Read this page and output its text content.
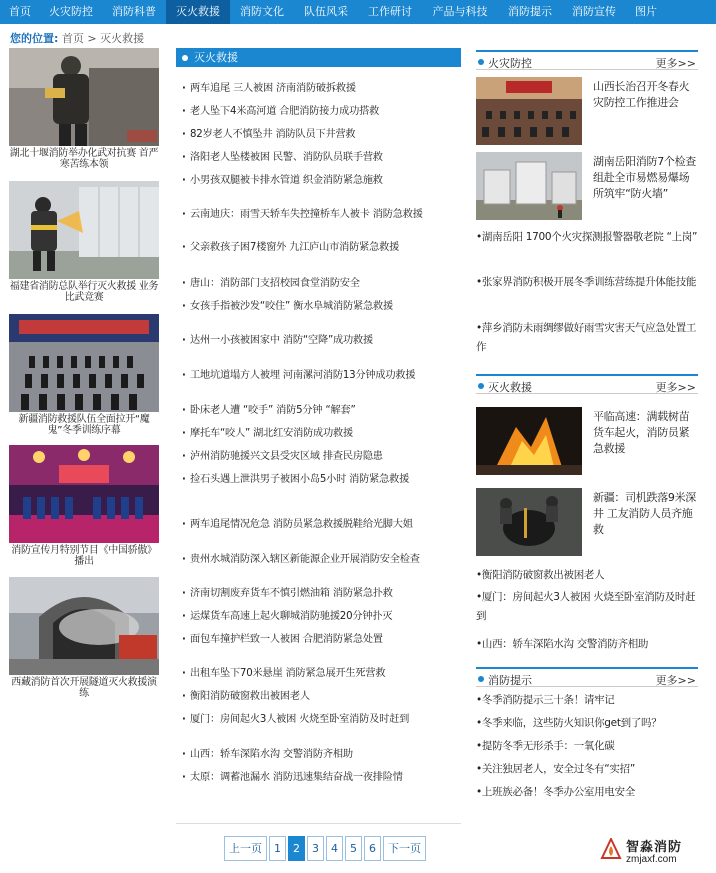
首页	火灾防控	消防科普	灭火救援	消防文化	队伍风采	工作研讨	产品与科技	消防提示	消防宣传	图片
您的位置: 首页 > 灭火救援
湖北十堰消防举办化武对抗赛 首严寒苦练本领
福建省消防总队举行灭火救援 业务比武竞赛
新疆消防救援队伍全面拉开“魔鬼”冬季训练序幕
消防宣传月特别节目《中国骄傲》播出
西藏消防首次开展隧道灭火救援演练
灭火救援
· 两车追尾 三人被困 济南消防破拆救援
· 老人坠下4米高河道 合肥消防接力成功搭救
· 82岁老人不慎坠井 消防队员下井营救
· 洛阳老人坠楼被困 民警、消防队员联手营救
· 小男孩双腿被卡排水管道 织金消防紧急施救
· 云南迪庆：雨雪天轿车失控撞桥车人被卡 消防急救援
· 父亲救孩子困7楼窗外 九江庐山市消防紧急救援
· 唐山：消防部门支招校园食堂消防安全
· 女孩手指被沙发“咬住” 衡水阜城消防紧急救援
· 达州一小孩被困家中 消防“空降”成功救援
· 工地坑道塌方人被埋 河南漯河消防13分钟成功救援
· 卧床老人遭 “咬手” 消防5分钟 “解套”
· 摩托车“咬人” 湖北红安消防成功救援
· 泸州消防驰援兴文县受灾区域 排查民房隐患
· 捡石头遇上泄洪男子被困小岛5小时 消防紧急救援
· 两车追尾情况危急 消防员紧急救援脱鞋给光脚大姐
· 贵州水城消防深入辖区新能源企业开展消防安全检查
· 济南切割废弃货车不慎引燃油箱 消防紧急扑救
· 运煤货车高速上起火聊城消防驰援20分钟扑灭
· 面包车撞护栏致一人被困 合肥消防紧急处置
· 出租车坠下70米悬崖 消防紧急展开生死营救
· 衡阳消防破窗救出被困老人
· 厦门：房间起火3人被困 火烧至卧室消防及时赶到
· 山西：轿车深陷水沟 交警消防齐相助
· 太原：调蓄池漏水 消防迅速集结奋战一夜排险情
上一页	1	2	3	4	5	6	下一页
火灾防控	更多>>
山西长治召开冬春火灾防控工作推进会
湖南岳阳消防7个检查组赴全市易燃易爆场所筑牢“防火墙”
•湖南岳阳 1700个火灾探测报警器敬老院 “上岗”
•张家界消防积极开展冬季训练营练提升体能技能
•萍乡消防未雨绸缪做好雨雪灾害天气应急处置工作
灭火救援	更多>>
平临高速：满载树苗货车起火，消防员紧急救援
新疆：司机跌落9米深井 工友消防人员齐施救
•衡阳消防破窗救出被困老人
•厦门：房间起火3人被困 火烧至卧室消防及时赶到
•山西：轿车深陷水沟 交警消防齐相助
消防提示	更多>>
•冬季消防提示三十条！请牢记
•冬季来临，这些防火知识你get到了吗？
•提防冬季无形杀手：一氧化碳
•关注独居老人，安全过冬有“实招”
•上班族必备！冬季办公室用电安全
智淼消防
zmjaxf.com
